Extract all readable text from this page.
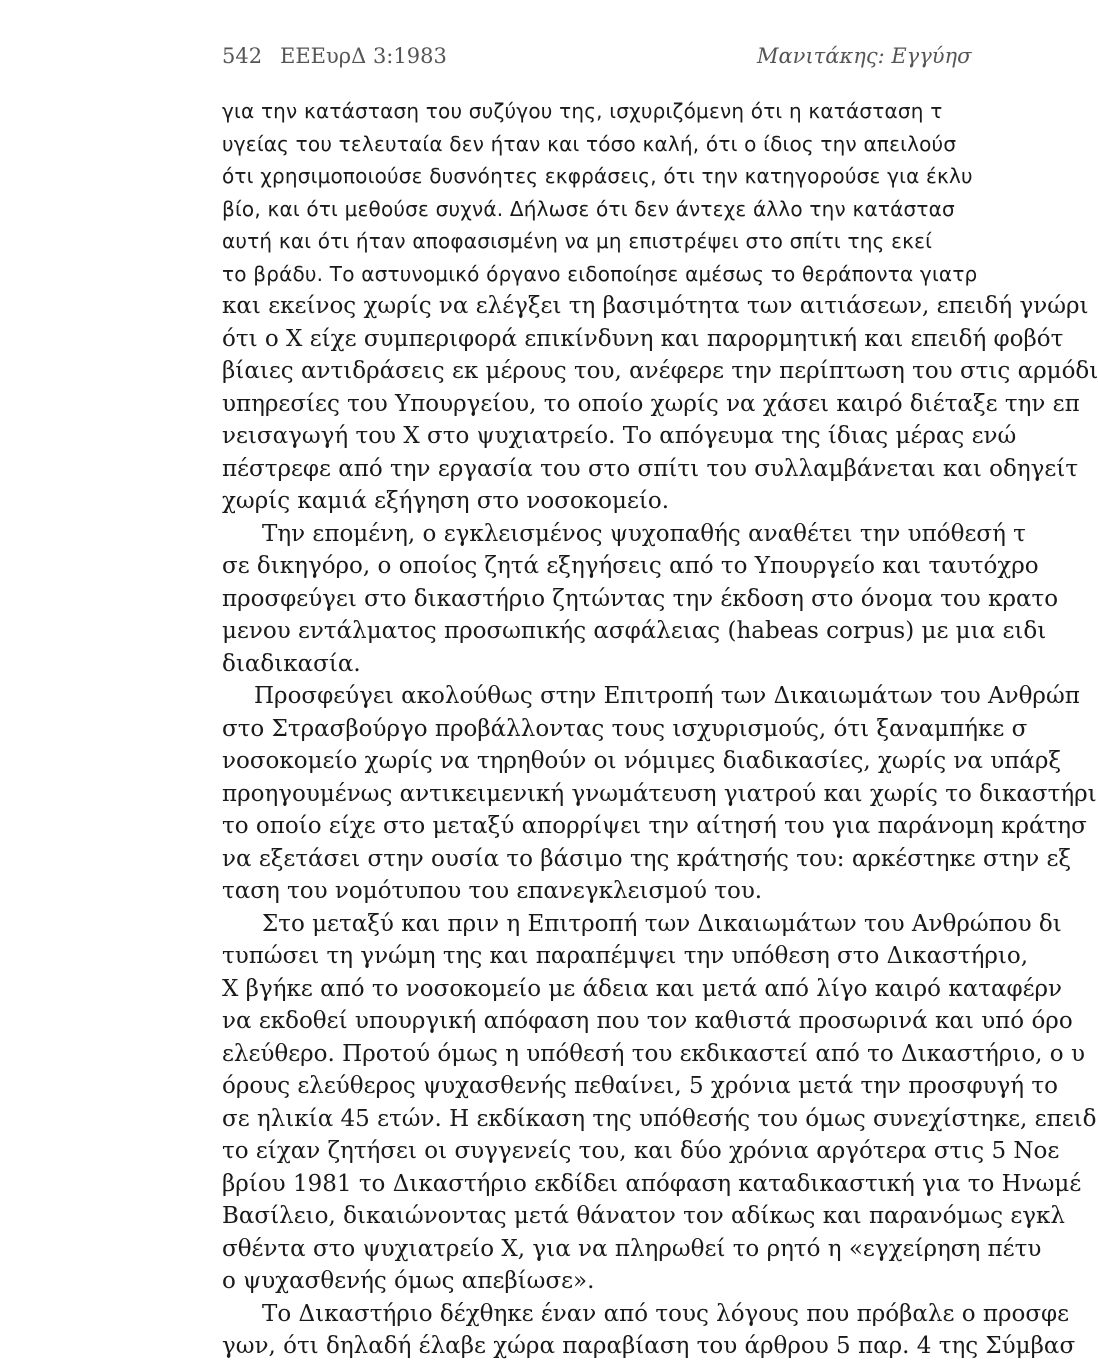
542 ΕΕΕυρΔ 3:1983	Μανιτάκης: Εγγύησ
για την κατάσταση του συζύγου της, ισχυριζόμενη ότι η κατάσταση τ
υγείας του τελευταία δεν ήταν και τόσο καλή, ότι ο ίδιος την απειλούσ
ότι χρησιμοποιούσε δυσνόητες εκφράσεις, ότι την κατηγορούσε για έκλυ
βίο, και ότι μεθούσε συχνά. Δήλωσε ότι δεν άντεχε άλλο την κατάστασ
αυτή και ότι ήταν αποφασισμένη να μη επιστρέψει στο σπίτι της εκεί
το βράδυ. Το αστυνομικό όργανο ειδοποίησε αμέσως το θεράποντα γιατρ
και εκείνος χωρίς να ελέγξει τη βασιμότητα των αιτιάσεων, επειδή γνώρι
ότι ο Χ είχε συμπεριφορά επικίνδυνη και παρορμητική και επειδή φοβότ
βίαιες αντιδράσεις εκ μέρους του, ανέφερε την περίπτωση του στις αρμόδι
υπηρεσίες του Υπουργείου, το οποίο χωρίς να χάσει καιρό διέταξε την επ
νεισαγωγή του Χ στο ψυχιατρείο. Το απόγευμα της ίδιας μέρας ενώ
πέστρεφε από την εργασία του στο σπίτι του συλλαμβάνεται και οδηγείτ
χωρίς καμιά εξήγηση στο νοσοκομείο.
Την επομένη, ο εγκλεισμένος ψυχοπαθής αναθέτει την υπόθεσή τ
σε δικηγόρο, ο οποίος ζητά εξηγήσεις από το Υπουργείο και ταυτόχρο
προσφεύγει στο δικαστήριο ζητώντας την έκδοση στο όνομα του κρατο
μενου εντάλματος προσωπικής ασφάλειας (habeas corpus) με μια ειδι
διαδικασία.
Προσφεύγει ακολούθως στην Επιτροπή των Δικαιωμάτων του Ανθρώπ
στο Στρασβούργο προβάλλοντας τους ισχυρισμούς, ότι ξαναμπήκε σ
νοσοκομείο χωρίς να τηρηθούν οι νόμιμες διαδικασίες, χωρίς να υπάρξ
προηγουμένως αντικειμενική γνωμάτευση γιατρού και χωρίς το δικαστήρι
το οποίο είχε στο μεταξύ απορρίψει την αίτησή του για παράνομη κράτησ
να εξετάσει στην ουσία το βάσιμο της κράτησής του: αρκέστηκε στην εξ
ταση του νομότυπου του επανεγκλεισμού του.
Στο μεταξύ και πριν η Επιτροπή των Δικαιωμάτων του Ανθρώπου δι
τυπώσει τη γνώμη της και παραπέμψει την υπόθεση στο Δικαστήριο,
Χ βγήκε από το νοσοκομείο με άδεια και μετά από λίγο καιρό καταφέρν
να εκδοθεί υπουργική απόφαση που τον καθιστά προσωρινά και υπό όρο
ελεύθερο. Προτού όμως η υπόθεσή του εκδικαστεί από το Δικαστήριο, ο υ
όρους ελεύθερος ψυχασθενής πεθαίνει, 5 χρόνια μετά την προσφυγή το
σε ηλικία 45 ετών. Η εκδίκαση της υπόθεσής του όμως συνεχίστηκε, επειδ
το είχαν ζητήσει οι συγγενείς του, και δύο χρόνια αργότερα στις 5 Νοε
βρίου 1981 το Δικαστήριο εκδίδει απόφαση καταδικαστική για το Ηνωμέ
Βασίλειο, δικαιώνοντας μετά θάνατον τον αδίκως και παρανόμως εγκλ
σθέντα στο ψυχιατρείο Χ, για να πληρωθεί το ρητό η «εγχείρηση πέτυ
ο ψυχασθενής όμως απεβίωσε».
Το Δικαστήριο δέχθηκε έναν από τους λόγους που πρόβαλε ο προσφε
γων, ότι δηλαδή έλαβε χώρα παραβίαση του άρθρου 5 παρ. 4 της Σύμβασ
